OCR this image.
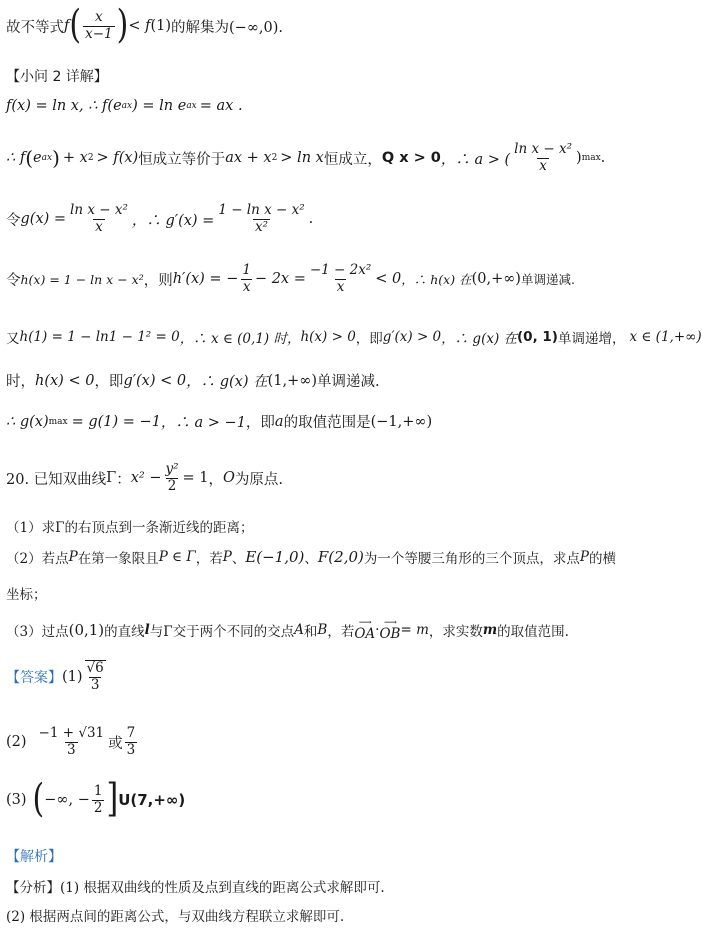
故不等式 f ( $\frac{x}{x-1}$ ) < f (1) 的解集为(−∞,0).
【小问 2 详解】
f(x) = ln x, ∴ f(e ax ) = ln e ax = ax .
∴ f ( e ax ) + x 2 > f (x) 恒成立等价于 ax + x 2 > ln x 恒成立， Q x > 0 ，∴ a > ( $\frac{\text{ln x − x²}}{x}$ ) max .
令 $g(x) = \frac{\text{ln x − x²}}{x}$ ，∴ $g'(x) = \frac{\text{1 − ln x − x²}}{\text{x²}}$ .
令 h(x) = 1 − ln x − x² ，则 h′(x) = − $\frac{1}{x} - 2x = \frac{\text{−1 − 2x²}}{x} < 0$ ，∴ h(x) 在 (0,+∞) 单调递减.
又 h(1) = 1 − ln1 − 1² = 0 ，∴ x ∈ (0,1) 时， h(x) > 0 ，即 g′(x) > 0 ，∴ g(x) 在 (0, 1) 单调递增， x ∈ (1,+∞)
时， h(x) < 0 ，即 g′(x) < 0 ，∴ g(x) 在 (1,+∞) 单调递减.
∴ g(x) max = g(1) = −1 ，∴ a > −1 ，即 a 的取值范围是 (−1,+∞)
20. 已知双曲线 Γ ： $x^2 - \frac{\text{y²}}{2} = 1$ ， O 为原点.
（1）求Γ的右顶点到一条渐近线的距离；
（2）若点 P 在第一象限且 P ∈ Γ ，若 P 、 E(−1,0) 、 F(2,0) 为一个等腰三角形的三个顶点，求点 P 的横
坐标；
（3）过点 (0,1) 的直线 l 与Γ交于两个不同的交点 A 和 B ，若
⟶
OA · ⟶
OB = m ，求实数 m 的取值范围.
【答案】 $(1) \frac{√6}{3}$
$(2) \frac{-1 + √31}{3}$ 或 $\frac{7}{3}$
(3) ( −∞, − $\frac{1}{2}$ ] U(7,+∞)
【解析】
【分析】 (1) 根据双曲线的性质及点到直线的距离公式求解即可.
(2) 根据两点间的距离公式，与双曲线方程联立求解即可.
